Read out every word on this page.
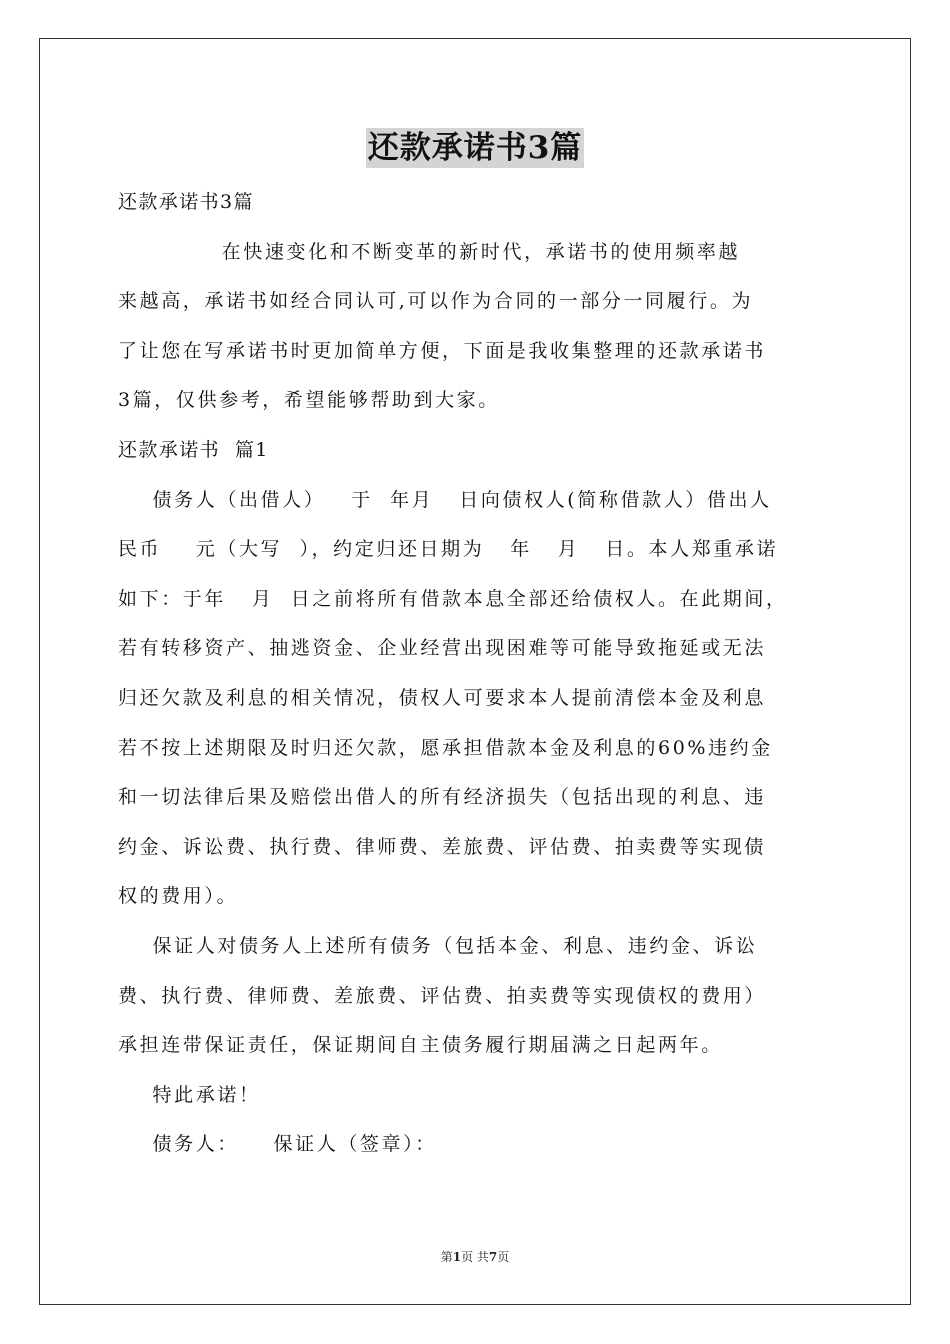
还款承诺书3篇
还款承诺书3篇
在快速变化和不断变革的新时代，承诺书的使用频率越
来越高，承诺书如经合同认可,可以作为合同的一部分一同履行。为
了让您在写承诺书时更加简单方便，下面是我收集整理的还款承诺书
3篇，仅供参考，希望能够帮助到大家。
还款承诺书  篇1
债务人（出借人）   于  年月   日向债权人(简称借款人）借出人
民币    元（大写  ），约定归还日期为   年   月   日。本人郑重承诺
如下：于年   月  日之前将所有借款本息全部还给债权人。在此期间，
若有转移资产、抽逃资金、企业经营出现困难等可能导致拖延或无法
归还欠款及利息的相关情况，债权人可要求本人提前清偿本金及利息
若不按上述期限及时归还欠款，愿承担借款本金及利息的60%违约金
和一切法律后果及赔偿出借人的所有经济损失（包括出现的利息、违
约金、诉讼费、执行费、律师费、差旅费、评估费、拍卖费等实现债
权的费用）。
保证人对债务人上述所有债务（包括本金、利息、违约金、诉讼
费、执行费、律师费、差旅费、评估费、拍卖费等实现债权的费用）
承担连带保证责任，保证期间自主债务履行期届满之日起两年。
特此承诺！
债务人：    保证人（签章）：
第1页 共7页
